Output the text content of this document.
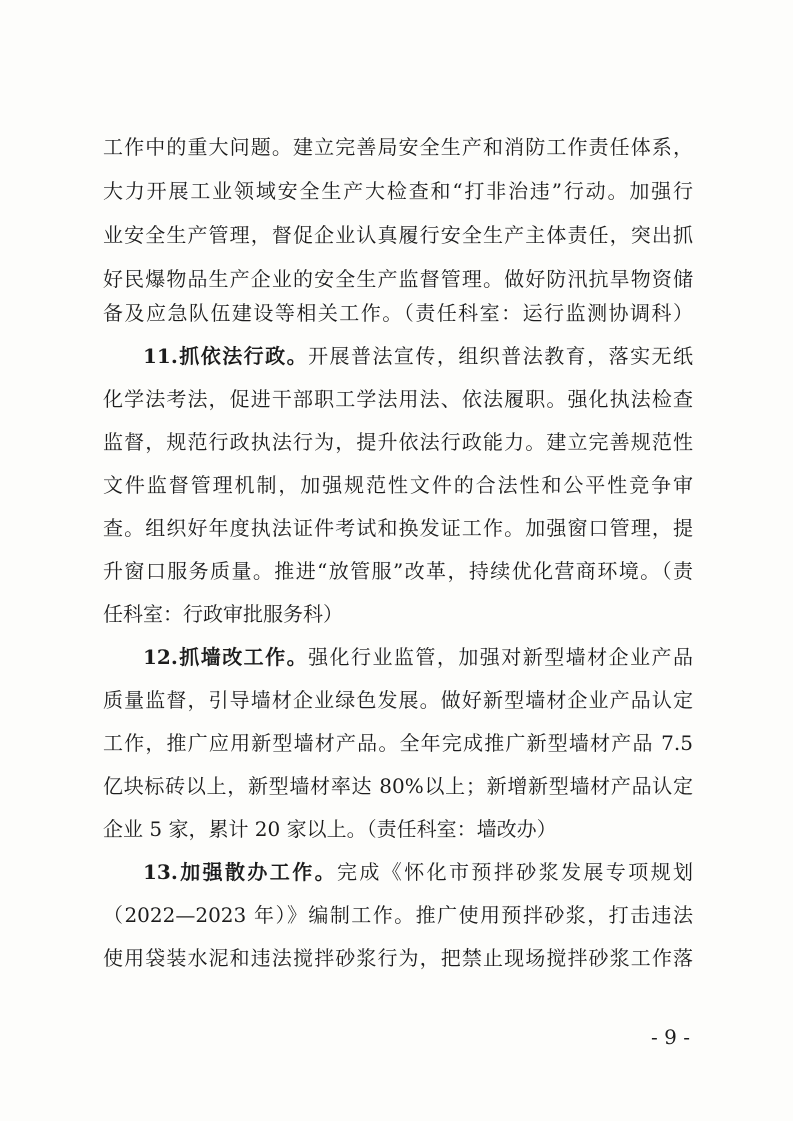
工作中的重大问题。建立完善局安全生产和消防工作责任体系，
大力开展工业领域安全生产大检查和“打非治违”行动。加强行
业安全生产管理，督促企业认真履行安全生产主体责任，突出抓
好民爆物品生产企业的安全生产监督管理。做好防汛抗旱物资储
备及应急队伍建设等相关工作。（责任科室：运行监测协调科）
11.抓依法行政。开展普法宣传，组织普法教育，落实无纸
化学法考法，促进干部职工学法用法、依法履职。强化执法检查
监督，规范行政执法行为，提升依法行政能力。建立完善规范性
文件监督管理机制，加强规范性文件的合法性和公平性竞争审
查。组织好年度执法证件考试和换发证工作。加强窗口管理，提
升窗口服务质量。推进“放管服”改革，持续优化营商环境。（责
任科室：行政审批服务科）
12.抓墙改工作。强化行业监管，加强对新型墙材企业产品
质量监督，引导墙材企业绿色发展。做好新型墙材企业产品认定
工作，推广应用新型墙材产品。全年完成推广新型墙材产品 7.5
亿块标砖以上，新型墙材率达 80%以上；新增新型墙材产品认定
企业 5 家，累计 20 家以上。（责任科室：墙改办）
13.加强散办工作。完成《怀化市预拌砂浆发展专项规划
（2022—2023 年）》编制工作。推广使用预拌砂浆，打击违法
使用袋装水泥和违法搅拌砂浆行为，把禁止现场搅拌砂浆工作落
- 9 -
